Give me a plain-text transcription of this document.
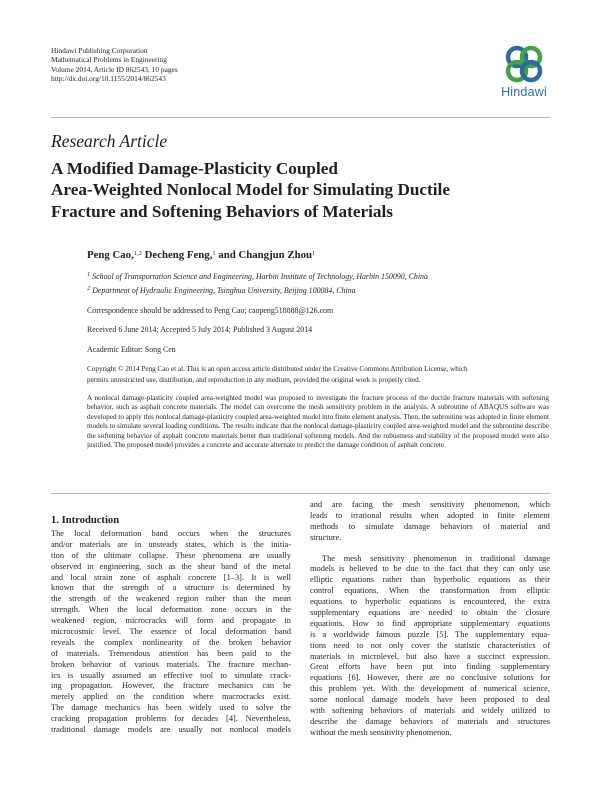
Hindawi Publishing Corporation
Mathematical Problems in Engineering
Volume 2014, Article ID 862543, 10 pages
http://dx.doi.org/10.1155/2014/862543
Hindawi
Research Article
A Modified Damage-Plasticity Coupled
Area-Weighted Nonlocal Model for Simulating Ductile
Fracture and Softening Behaviors of Materials
Peng Cao,$^{1,2}$ Decheng Feng,$^1$ and Changjun Zhou$^1$
$^1$ School of Transportation Science and Engineering, Harbin Institute of Technology, Harbin 150090, China
$^2$ Department of Hydraulic Engineering, Tsinghua University, Beijing 100084, China
Correspondence should be addressed to Peng Cao; caopeng518888@126.com
Received 6 June 2014; Accepted 5 July 2014; Published 3 August 2014
Academic Editor: Song Cen
Copyright © 2014 Peng Cao et al. This is an open access article distributed under the Creative Commons Attribution License, which
permits unrestricted use, distribution, and reproduction in any medium, provided the original work is properly cited.
A nonlocal damage-plasticity coupled area-weighted model was proposed to investigate the fracture process of the ductile fracture materials with softening behavior, such as asphalt concrete materials. The model can overcome the mesh sensitivity problem in the analysis. A subroutine of ABAQUS software was developed to apply this nonlocal damage-plasticity coupled area-weighted model into finite element analysis. Then, the subroutine was adopted in finite element models to simulate several loading conditions. The results indicate that the nonlocal damage-plasticity coupled area-weighted model and the subroutine describe the softening behavior of asphalt concrete materials better than traditional softening models. And the robustness and stability of the proposed model were also justified. The proposed model provides a concrete and accurate alternate to predict the damage condition of asphalt concrete.
1. Introduction
The local deformation band occurs when the structures
and/or materials are in unsteady states, which is the initia-
tion of the ultimate collapse. These phenomena are usually
observed in engineering, such as the shear band of the metal
and local strain zone of asphalt concrete [1–3]. It is well
known that the strength of a structure is determined by
the strength of the weakened region rather than the mean
strength. When the local deformation zone occurs in the
weakened region, microcracks will form and propagate in
microcosmic level. The essence of local deformation band
reveals the complex nonlinearity of the broken behavior
of materials. Tremendous attention has been paid to the
broken behavior of various materials. The fracture mechan-
ics is usually assumed an effective tool to simulate crack-
ing propagation. However, the fracture mechanics can be
merely applied on the condition where macrocracks exist.
The damage mechanics has been widely used to solve the
cracking propagation problems for decades [4]. Nevertheless,
traditional damage models are usually not nonlocal models
and are facing the mesh sensitivity phenomenon, which
leads to irrational results when adopted in finite element
methods to simulate damage behaviors of material and
structure.
The mesh sensitivity phenomenon in traditional damage
models is believed to be due to the fact that they can only use
elliptic equations rather than hyperbolic equations as their
control equations. When the transformation from elliptic
equations to hyperbolic equations is encountered, the extra
supplementary equations are needed to obtain the closure
equations. How to find appropriate supplementary equations
is a worldwide famous puzzle [5]. The supplementary equa-
tions need to not only cover the statistic characteristics of
materials in microlevel, but also have a succinct expression.
Great efforts have been put into finding supplementary
equations [6]. However, there are no conclusive solutions for
this problem yet. With the development of numerical science,
some nonlocal damage models have been proposed to deal
with softening behaviors of materials and widely utilized to
describe the damage behaviors of materials and structures
without the mesh sensitivity phenomenon.
